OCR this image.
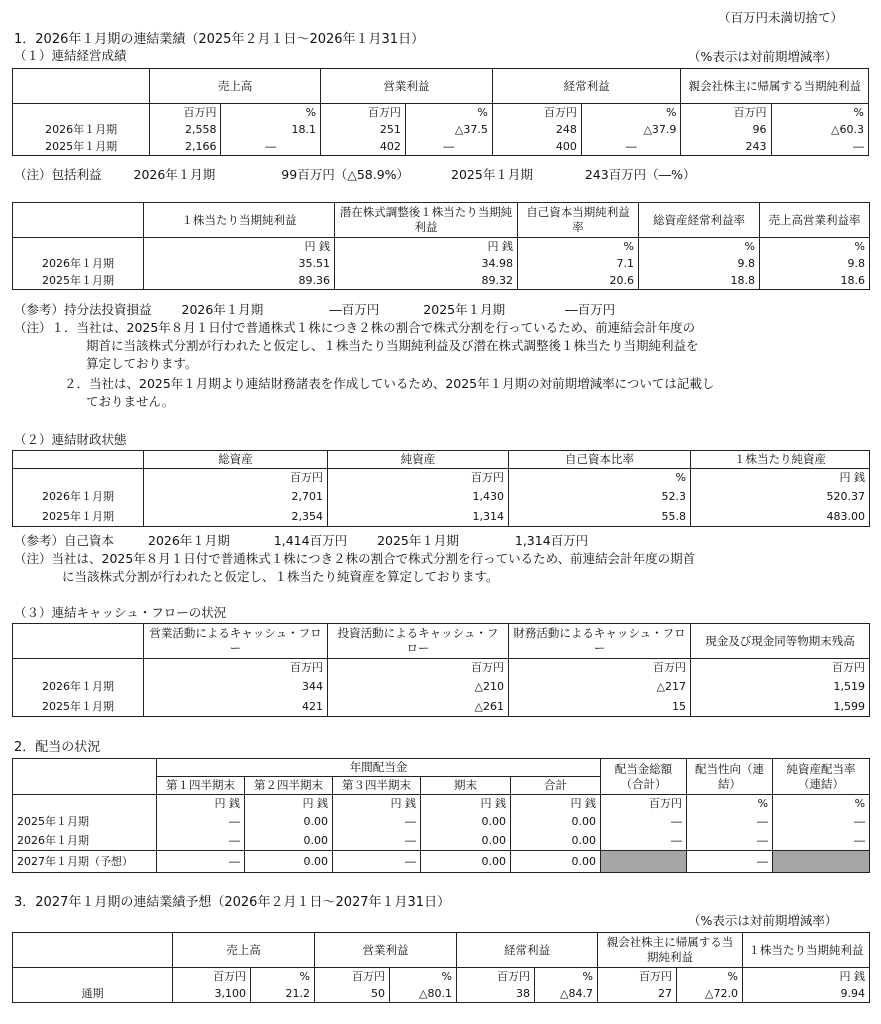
（百万円未満切捨て）
1．2026年１月期の連結業績（2025年２月１日～2026年１月31日）
（１）連結経営成績	（%表示は対前期増減率）
	売上高		営業利益		経常利益		親会社株主に帰属する当期純利益	
	百万円	%	百万円	%	百万円	%	百万円	%
2026年１月期	2,558	18.1	251	△37.5	248	△37.9	96	△60.3
2025年１月期	2,166	―	402	―	400	―	243	―
（注）包括利益	2026年１月期	99百万円（△58.9%）	2025年１月期	243百万円（―%）
	１株当たり当期純利益	潜在株式調整後１株当たり当期純利益	自己資本当期純利益率	総資産経常利益率	売上高営業利益率
	円 銭	円 銭	%	%	%
2026年１月期	35.51	34.98	7.1	9.8	9.8
2025年１月期	89.36	89.32	20.6	18.8	18.6
（参考）持分法投資損益 2026年１月期	―百万円	2025年１月期	―百万円
（注）１．当社は、2025年８月１日付で普通株式１株につき２株の割合で株式分割を行っているため、前連結会計年度の
期首に当該株式分割が行われたと仮定し、１株当たり当期純利益及び潜在株式調整後１株当たり当期純利益を
算定しております。
２．当社は、2025年１月期より連結財務諸表を作成しているため、2025年１月期の対前期増減率については記載し
ておりません。
（２）連結財政状態
	総資産	純資産	自己資本比率	１株当たり純資産
	百万円	百万円	%	円 銭
2026年１月期	2,701	1,430	52.3	520.37
2025年１月期	2,354	1,314	55.8	483.00
（参考）自己資本	2026年１月期	1,414百万円 2025年１月期	1,314百万円
（注）当社は、2025年８月１日付で普通株式１株につき２株の割合で株式分割を行っているため、前連結会計年度の期首
に当該株式分割が行われたと仮定し、１株当たり純資産を算定しております。
（３）連結キャッシュ・フローの状況
	営業活動によるキャッシュ・フロー	投資活動によるキャッシュ・フロー	財務活動によるキャッシュ・フロー	現金及び現金同等物期末残高
	百万円	百万円	百万円	百万円
2026年１月期	344	△210	△217	1,519
2025年１月期	421	△261	15	1,599
2．配当の状況
	年間配当金					配当金総額（合計）	配当性向（連結）	純資産配当率（連結）
	第１四半期末	第２四半期末	第３四半期末	期末	合計			
	円 銭	円 銭	円 銭	円 銭	円 銭	百万円	%	%
2025年１月期	―	0.00	―	0.00	0.00	―	―	―
2026年１月期	―	0.00	―	0.00	0.00	―	―	―
2027年１月期（予想）	―	0.00	―	0.00	0.00		―	
3．2027年１月期の連結業績予想（2026年２月１日～2027年１月31日）
（%表示は対前期増減率）
	売上高		営業利益		経常利益		親会社株主に帰属する当期純利益		１株当たり当期純利益
	百万円	%	百万円	%	百万円	%	百万円	%	円 銭
通期	3,100	21.2	50	△80.1	38	△84.7	27	△72.0	9.94
